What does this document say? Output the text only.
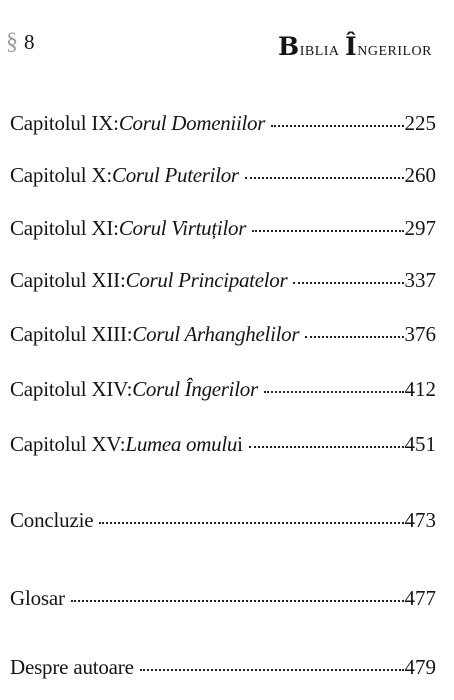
§ 8	Biblia Îngerilor
Capitolul IX: Corul Domeniilor	225
Capitolul X: Corul Puterilor	260
Capitolul XI: Corul Virtuților	297
Capitolul XII: Corul Principatelor	337
Capitolul XIII: Corul Arhanghelilor	376
Capitolul XIV: Corul Îngerilor	412
Capitolul XV: Lumea omulu i	451
Concluzie	473
Glosar	477
Despre autoare	479
